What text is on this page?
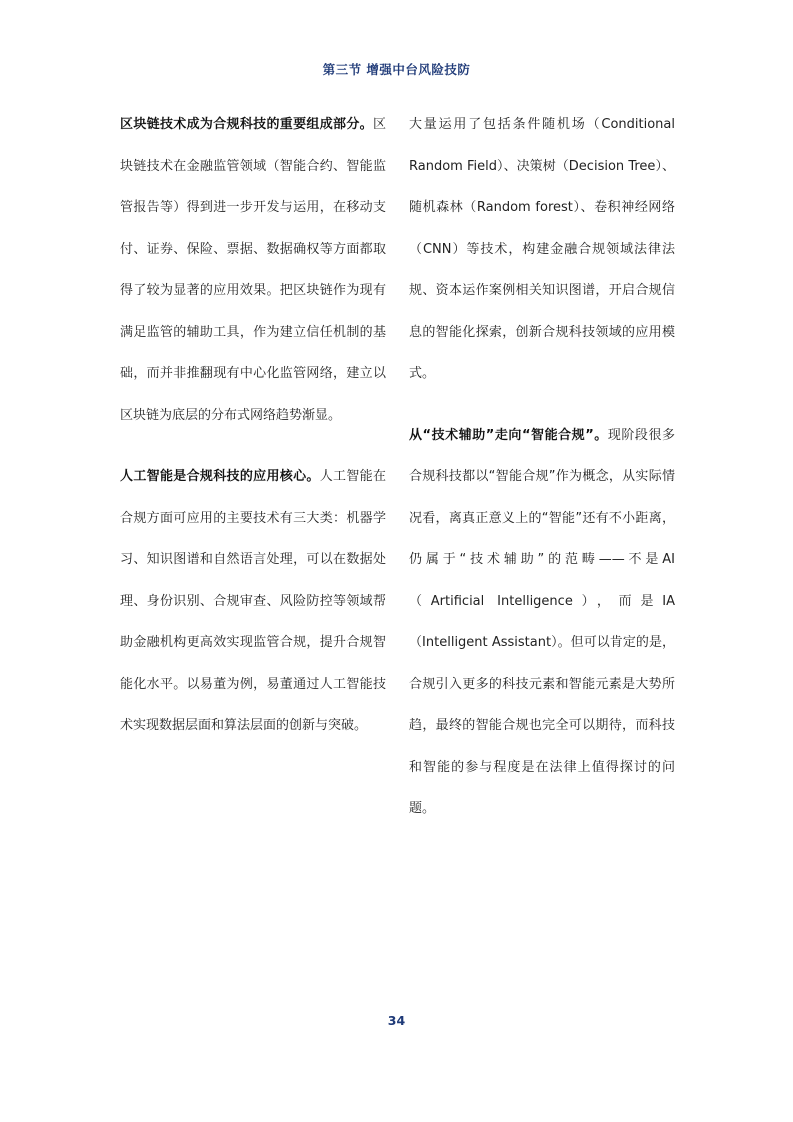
第三节 增强中台风险技防

区块链技术成为合规科技的重要组成部分。区块链技术在金融监管领域（智能合约、智能监管报告等）得到进一步开发与运用，在移动支付、证券、保险、票据、数据确权等方面都取得了较为显著的应用效果。把区块链作为现有满足监管的辅助工具，作为建立信任机制的基础，而并非推翻现有中心化监管网络，建立以区块链为底层的分布式网络趋势渐显。

人工智能是合规科技的应用核心。人工智能在合规方面可应用的主要技术有三大类：机器学习、知识图谱和自然语言处理，可以在数据处理、身份识别、合规审查、风险防控等领域帮助金融机构更高效实现监管合规，提升合规智能化水平。以易董为例，易董通过人工智能技术实现数据层面和算法层面的创新与突破。

大量运用了包括条件随机场（Conditional Random Field）、决策树（Decision Tree）、随机森林（Random forest）、卷积神经网络（CNN）等技术，构建金融合规领域法律法规、资本运作案例相关知识图谱，开启合规信息的智能化探索，创新合规科技领域的应用模式。

从“技术辅助”走向“智能合规”。现阶段很多合规科技都以“智能合规”作为概念，从实际情况看，离真正意义上的“智能”还有不小距离，仍属于“技术辅助”的范畴——不是AI（Artificial Intelligence），而是IA（Intelligent Assistant）。但可以肯定的是，合规引入更多的科技元素和智能元素是大势所趋，最终的智能合规也完全可以期待，而科技和智能的参与程度是在法律上值得探讨的问题。

34
